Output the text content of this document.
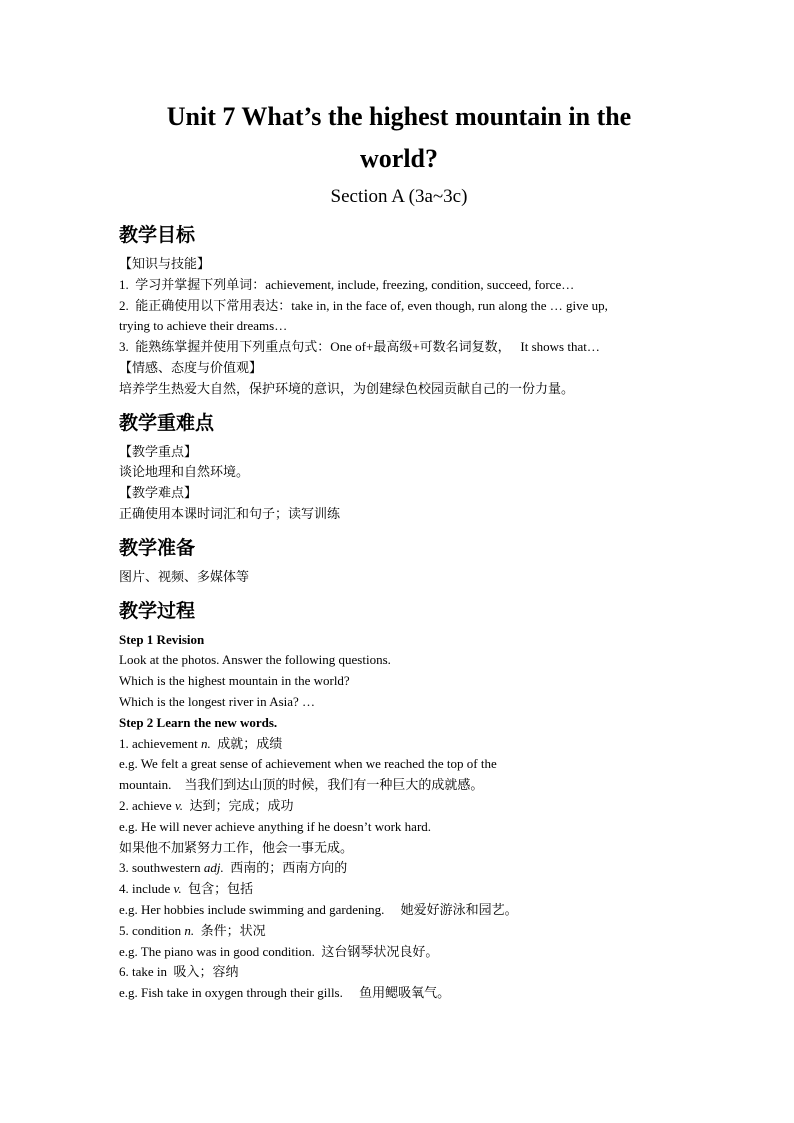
Unit 7 What’s the highest mountain in the

world?

Section A (3a~3c)

教学目标

【知识与技能】

1.  学习并掌握下列单词：achievement, include, freezing, condition, succeed, force…

2.  能正确使用以下常用表达：take in, in the face of, even though, run along the … give up,

trying to achieve their dreams…

3.  能熟练掌握并使用下列重点句式：One of+最高级+可数名词复数，   It shows that…

【情感、态度与价值观】

培养学生热爱大自然，保护环境的意识，为创建绿色校园贡献自己的一份力量。

教学重难点

【教学重点】

谈论地理和自然环境。

【教学难点】

正确使用本课时词汇和句子；读写训练

教学准备

图片、视频、多媒体等

教学过程

Step 1 Revision

Look at the photos. Answer the following questions.

Which is the highest mountain in the world?

Which is the longest river in Asia? …

Step 2 Learn the new words.

1. achievement n.  成就；成绩

e.g. We felt a great sense of achievement when we reached the top of the

mountain.    当我们到达山顶的时候，我们有一种巨大的成就感。

2. achieve v.  达到；完成；成功

e.g. He will never achieve anything if he doesn’t work hard.

如果他不加紧努力工作，他会一事无成。

3. southwestern adj.  西南的；西南方向的

4. include v.  包含；包括

e.g. Her hobbies include swimming and gardening.     她爱好游泳和园艺。

5. condition n.  条件；状况

e.g. The piano was in good condition.  这台钢琴状况良好。

6. take in  吸入；容纳

e.g. Fish take in oxygen through their gills.     鱼用鳃吸氧气。
